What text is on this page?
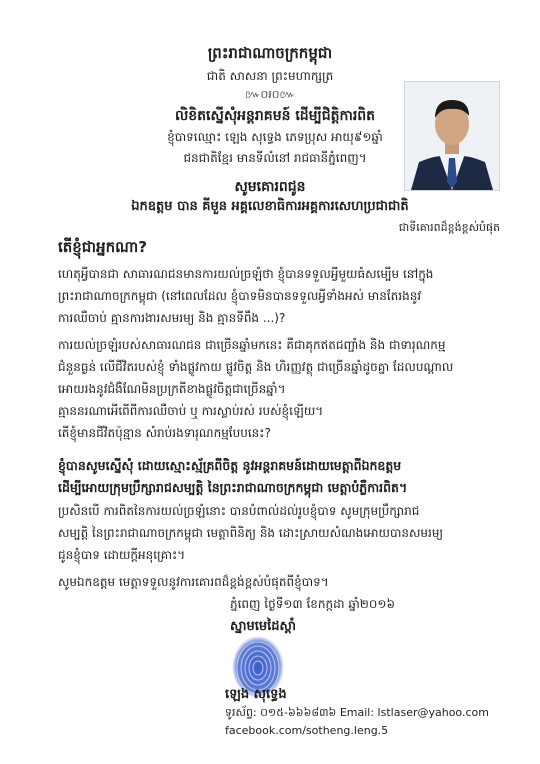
ព្រះរាជាណាចក្រកម្ពុជា
ជាតិ សាសនា ព្រះមហាក្សត្រ
៚០៛០៚
លិខិតស្នើសុំអន្តរាគមន៍ ដើម្បីជិត្តិការពិត
ខ្ញុំបាទឈ្មោះ ឡេង សុទ្ធេង ភេទប្រុស អាយុ៩១ឆ្នាំ
ជនជាតិខ្មែរ មានទីលំនៅ រាជធានីភ្នំពេញ។
សូមគោរពជូន
ឯកឧត្តម បាន គីមួន អគ្គលេខាធិការអគ្គការសេហប្រជាជាតិ
ជាទីគោរពដ៏ខ្ពង់ខ្ពស់បំផុត
តើខ្ញុំជាអ្នកណា?
ហេតុអ្វីបានជា សាធារណជនមានការយល់ច្រឡំថា ខ្ញុំបានទទួលអ្វីមួយធំសម្បើម នៅក្នុង
ព្រះរាជាណាចក្រកម្ពុជា (នៅពេលដែល ខ្ញុំបាទមិនបានទទួលអ្វីទាំងអស់ មានតែរងនូវ
ការឈឺចាប់ គ្មានការងារសមរម្យ និង គ្មានទីពឹង ...)?
ការយល់ច្រឡំរបស់សាធារណជន ជាច្រើនឆ្នាំមកនេះ គឺជាគុកឥតជញ្ជាំង និង ជាទារុណកម្ម
ជំនួនធ្ងន់ លើជីវិតរបស់ខ្ញុំ ទាំងផ្លូវកាយ ផ្លូវចិត្ត និង ហិរញ្ញវត្ថុ ជាច្រើនឆ្នាំដូចគ្នា ដែលបណ្ដាល
អោយរងនូវជំងឺណែមិនប្រក្រតីខាងផ្លូវចិត្តជាច្រើនឆ្នាំ។
គ្មាននរណាអើពើពីការឈឺចាប់ ឬ ការស្លាប់រស់ របស់ខ្ញុំឡើយ។
តើខ្ញុំមានជីវិតប៉ុន្មាន សំរាប់រងទារុណកម្មបែបនេះ?
ខ្ញុំបានសូមស្នើសុំ ដោយស្មោះស្ម័គ្រពីចិត្ត នូវអន្តរាគមន៍ដោយមេត្តាពីឯកឧត្តម
ដើម្បីអោយក្រុមប្រឹក្សារាជសម្បត្តិ នៃព្រះរាជាណាចក្រកម្ពុជា មេត្តាបំភ្លឺការពិត។
ប្រសិនបើ ការពិតនៃការយល់ច្រឡំនោះ បានបំពាល់ដល់រូបខ្ញុំបាទ សូមក្រុមប្រឹក្សារាជ
សម្បត្តិ នៃព្រះរាជាណាចក្រកម្ពុជា មេត្តាពិនិត្យ និង ដោះស្រាយសំណងអោយបានសមរម្យ
ជូនខ្ញុំបាទ ដោយក្ដីអនុគ្រោះ។
សូមឯកឧត្តម មេត្តាទទួលនូវការគោរពដ៏ខ្ពង់ខ្ពស់បំផុតពីខ្ញុំបាទ។
ភ្នំពេញ ថ្ងៃទី១៣ ខែកក្កដា ឆ្នាំ២០១៦
ស្នាមមេដៃស្ដាំ
ឡេង សុទ្ធេង
ទូរស័ព្ទ: ០១៥-៦៦៦៨៣៦ Email: lstlaser@yahoo.com
facebook.com/sotheng.leng.5
